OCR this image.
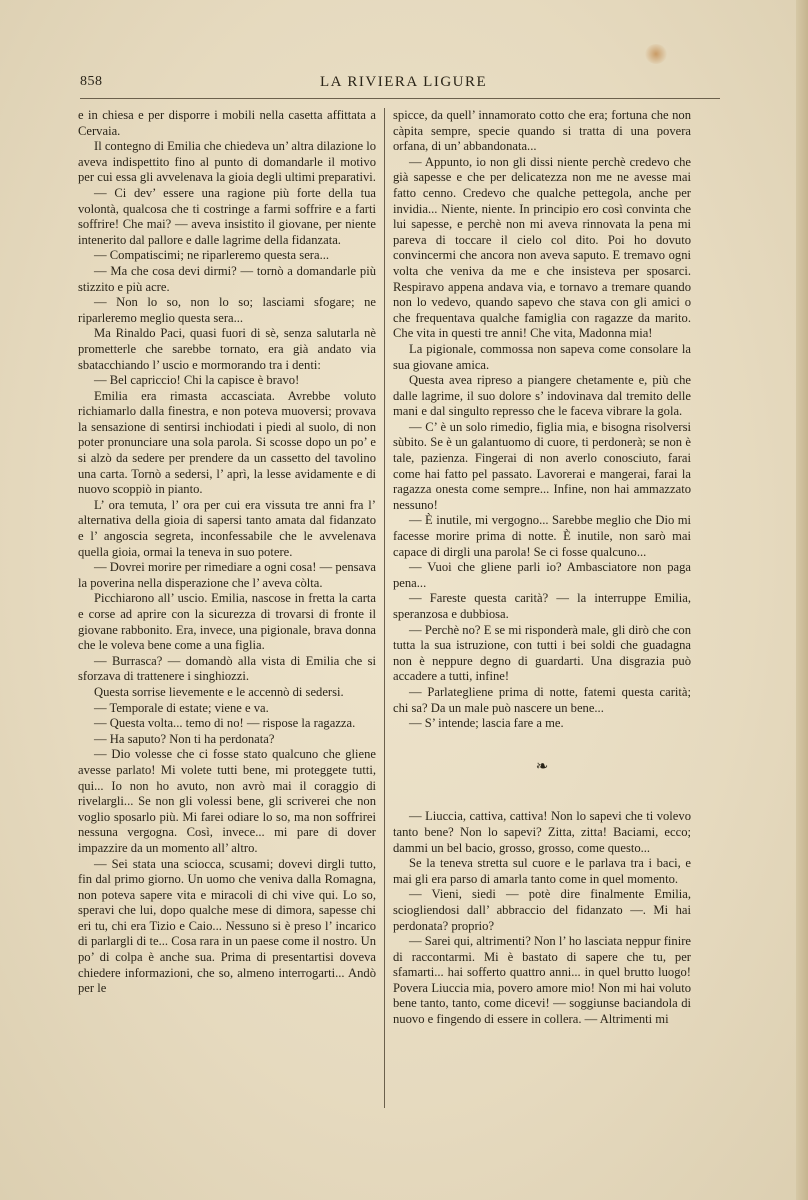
858	LA RIVIERA LIGURE

e in chiesa e per disporre i mobili nella casetta affittata a Cervaia.

Il contegno di Emilia che chiedeva un’ altra dilazione lo aveva indispettito fino al punto di domandarle il motivo per cui essa gli avvelenava la gioia degli ultimi preparativi.

— Ci dev’ essere una ragione più forte della tua volontà, qualcosa che ti costringe a farmi soffrire e a farti soffrire! Che mai? — aveva insistito il giovane, per niente intenerito dal pallore e dalle lagrime della fidanzata.

— Compatiscimi; ne riparleremo questa sera...

— Ma che cosa devi dirmi? — tornò a domandarle più stizzito e più acre.

— Non lo so, non lo so; lasciami sfogare; ne riparleremo meglio questa sera...

Ma Rinaldo Paci, quasi fuori di sè, senza salutarla nè prometterle che sarebbe tornato, era già andato via sbatacchiando l’ uscio e mormorando tra i denti:

— Bel capriccio! Chi la capisce è bravo!

Emilia era rimasta accasciata. Avrebbe voluto richiamarlo dalla finestra, e non poteva muoversi; provava la sensazione di sentirsi inchiodati i piedi al suolo, di non poter pronunciare una sola parola. Si scosse dopo un po’ e si alzò da sedere per prendere da un cassetto del tavolino una carta. Tornò a sedersi, l’ aprì, la lesse avidamente e di nuovo scoppiò in pianto.

L’ ora temuta, l’ ora per cui era vissuta tre anni fra l’ alternativa della gioia di sapersi tanto amata dal fidanzato e l’ angoscia segreta, inconfessabile che le avvelenava quella gioia, ormai la teneva in suo potere.

— Dovrei morire per rimediare a ogni cosa! — pensava la poverina nella disperazione che l’ aveva còlta.

Picchiarono all’ uscio. Emilia, nascose in fretta la carta e corse ad aprire con la sicurezza di trovarsi di fronte il giovane rabbonito. Era, invece, una pigionale, brava donna che le voleva bene come a una figlia.

— Burrasca? — domandò alla vista di Emilia che si sforzava di trattenere i singhiozzi.

Questa sorrise lievemente e le accennò di sedersi.

— Temporale di estate; viene e va.

— Questa volta... temo di no! — rispose la ragazza.

— Ha saputo? Non ti ha perdonata?

— Dio volesse che ci fosse stato qualcuno che gliene avesse parlato! Mi volete tutti bene, mi proteggete tutti, qui... Io non ho avuto, non avrò mai il coraggio di rivelargli... Se non gli volessi bene, gli scriverei che non voglio sposarlo più. Mi farei odiare lo so, ma non soffrirei nessuna vergogna. Così, invece... mi pare di dover impazzire da un momento all’ altro.

— Sei stata una sciocca, scusami; dovevi dirgli tutto, fin dal primo giorno. Un uomo che veniva dalla Romagna, non poteva sapere vita e miracoli di chi vive qui. Lo so, speravi che lui, dopo qualche mese di dimora, sapesse chi eri tu, chi era Tizio e Caio... Nessuno si è preso l’ incarico di parlargli di te... Cosa rara in un paese come il nostro. Un po’ di colpa è anche sua. Prima di presentartisi doveva chiedere informazioni, che so, almeno interrogarti... Andò per le

spicce, da quell’ innamorato cotto che era; fortuna che non càpita sempre, specie quando si tratta di una povera orfana, di un’ abbandonata...

— Appunto, io non gli dissi niente perchè credevo che già sapesse e che per delicatezza non me ne avesse mai fatto cenno. Credevo che qualche pettegola, anche per invidia... Niente, niente. In principio ero così convinta che lui sapesse, e perchè non mi aveva rinnovata la pena mi pareva di toccare il cielo col dito. Poi ho dovuto convincermi che ancora non aveva saputo. E tremavo ogni volta che veniva da me e che insisteva per sposarci. Respiravo appena andava via, e tornavo a tremare quando non lo vedevo, quando sapevo che stava con gli amici o che frequentava qualche famiglia con ragazze da marito. Che vita in questi tre anni! Che vita, Madonna mia!

La pigionale, commossa non sapeva come consolare la sua giovane amica.

Questa avea ripreso a piangere chetamente e, più che dalle lagrime, il suo dolore s’ indovinava dal tremito delle mani e dal singulto represso che le faceva vibrare la gola.

— C’ è un solo rimedio, figlia mia, e bisogna risolversi sùbito. Se è un galantuomo di cuore, ti perdonerà; se non è tale, pazienza. Fingerai di non averlo conosciuto, farai come hai fatto pel passato. Lavorerai e mangerai, farai la ragazza onesta come sempre... Infine, non hai ammazzato nessuno!

— È inutile, mi vergogno... Sarebbe meglio che Dio mi facesse morire prima di notte. È inutile, non sarò mai capace di dirgli una parola! Se ci fosse qualcuno...

— Vuoi che gliene parli io? Ambasciatore non paga pena...

— Fareste questa carità? — la interruppe Emilia, speranzosa e dubbiosa.

— Perchè no? E se mi risponderà male, gli dirò che con tutta la sua istruzione, con tutti i bei soldi che guadagna non è neppure degno di guardarti. Una disgrazia può accadere a tutti, infine!

— Parlategliene prima di notte, fatemi questa carità; chi sa? Da un male può nascere un bene...

— S’ intende; lascia fare a me.

❧

— Liuccia, cattiva, cattiva! Non lo sapevi che ti volevo tanto bene? Non lo sapevi? Zitta, zitta! Baciami, ecco; dammi un bel bacio, grosso, grosso, come questo...

Se la teneva stretta sul cuore e le parlava tra i baci, e mai gli era parso di amarla tanto come in quel momento.

— Vieni, siedi — potè dire finalmente Emilia, sciogliendosi dall’ abbraccio del fidanzato —. Mi hai perdonata? proprio?

— Sarei qui, altrimenti? Non l’ ho lasciata neppur finire di raccontarmi. Mi è bastato di sapere che tu, per sfamarti... hai sofferto quattro anni... in quel brutto luogo! Povera Liuccia mia, povero amore mio! Non mi hai voluto bene tanto, tanto, come dicevi! — soggiunse baciandola di nuovo e fingendo di essere in collera. — Altrimenti mi
